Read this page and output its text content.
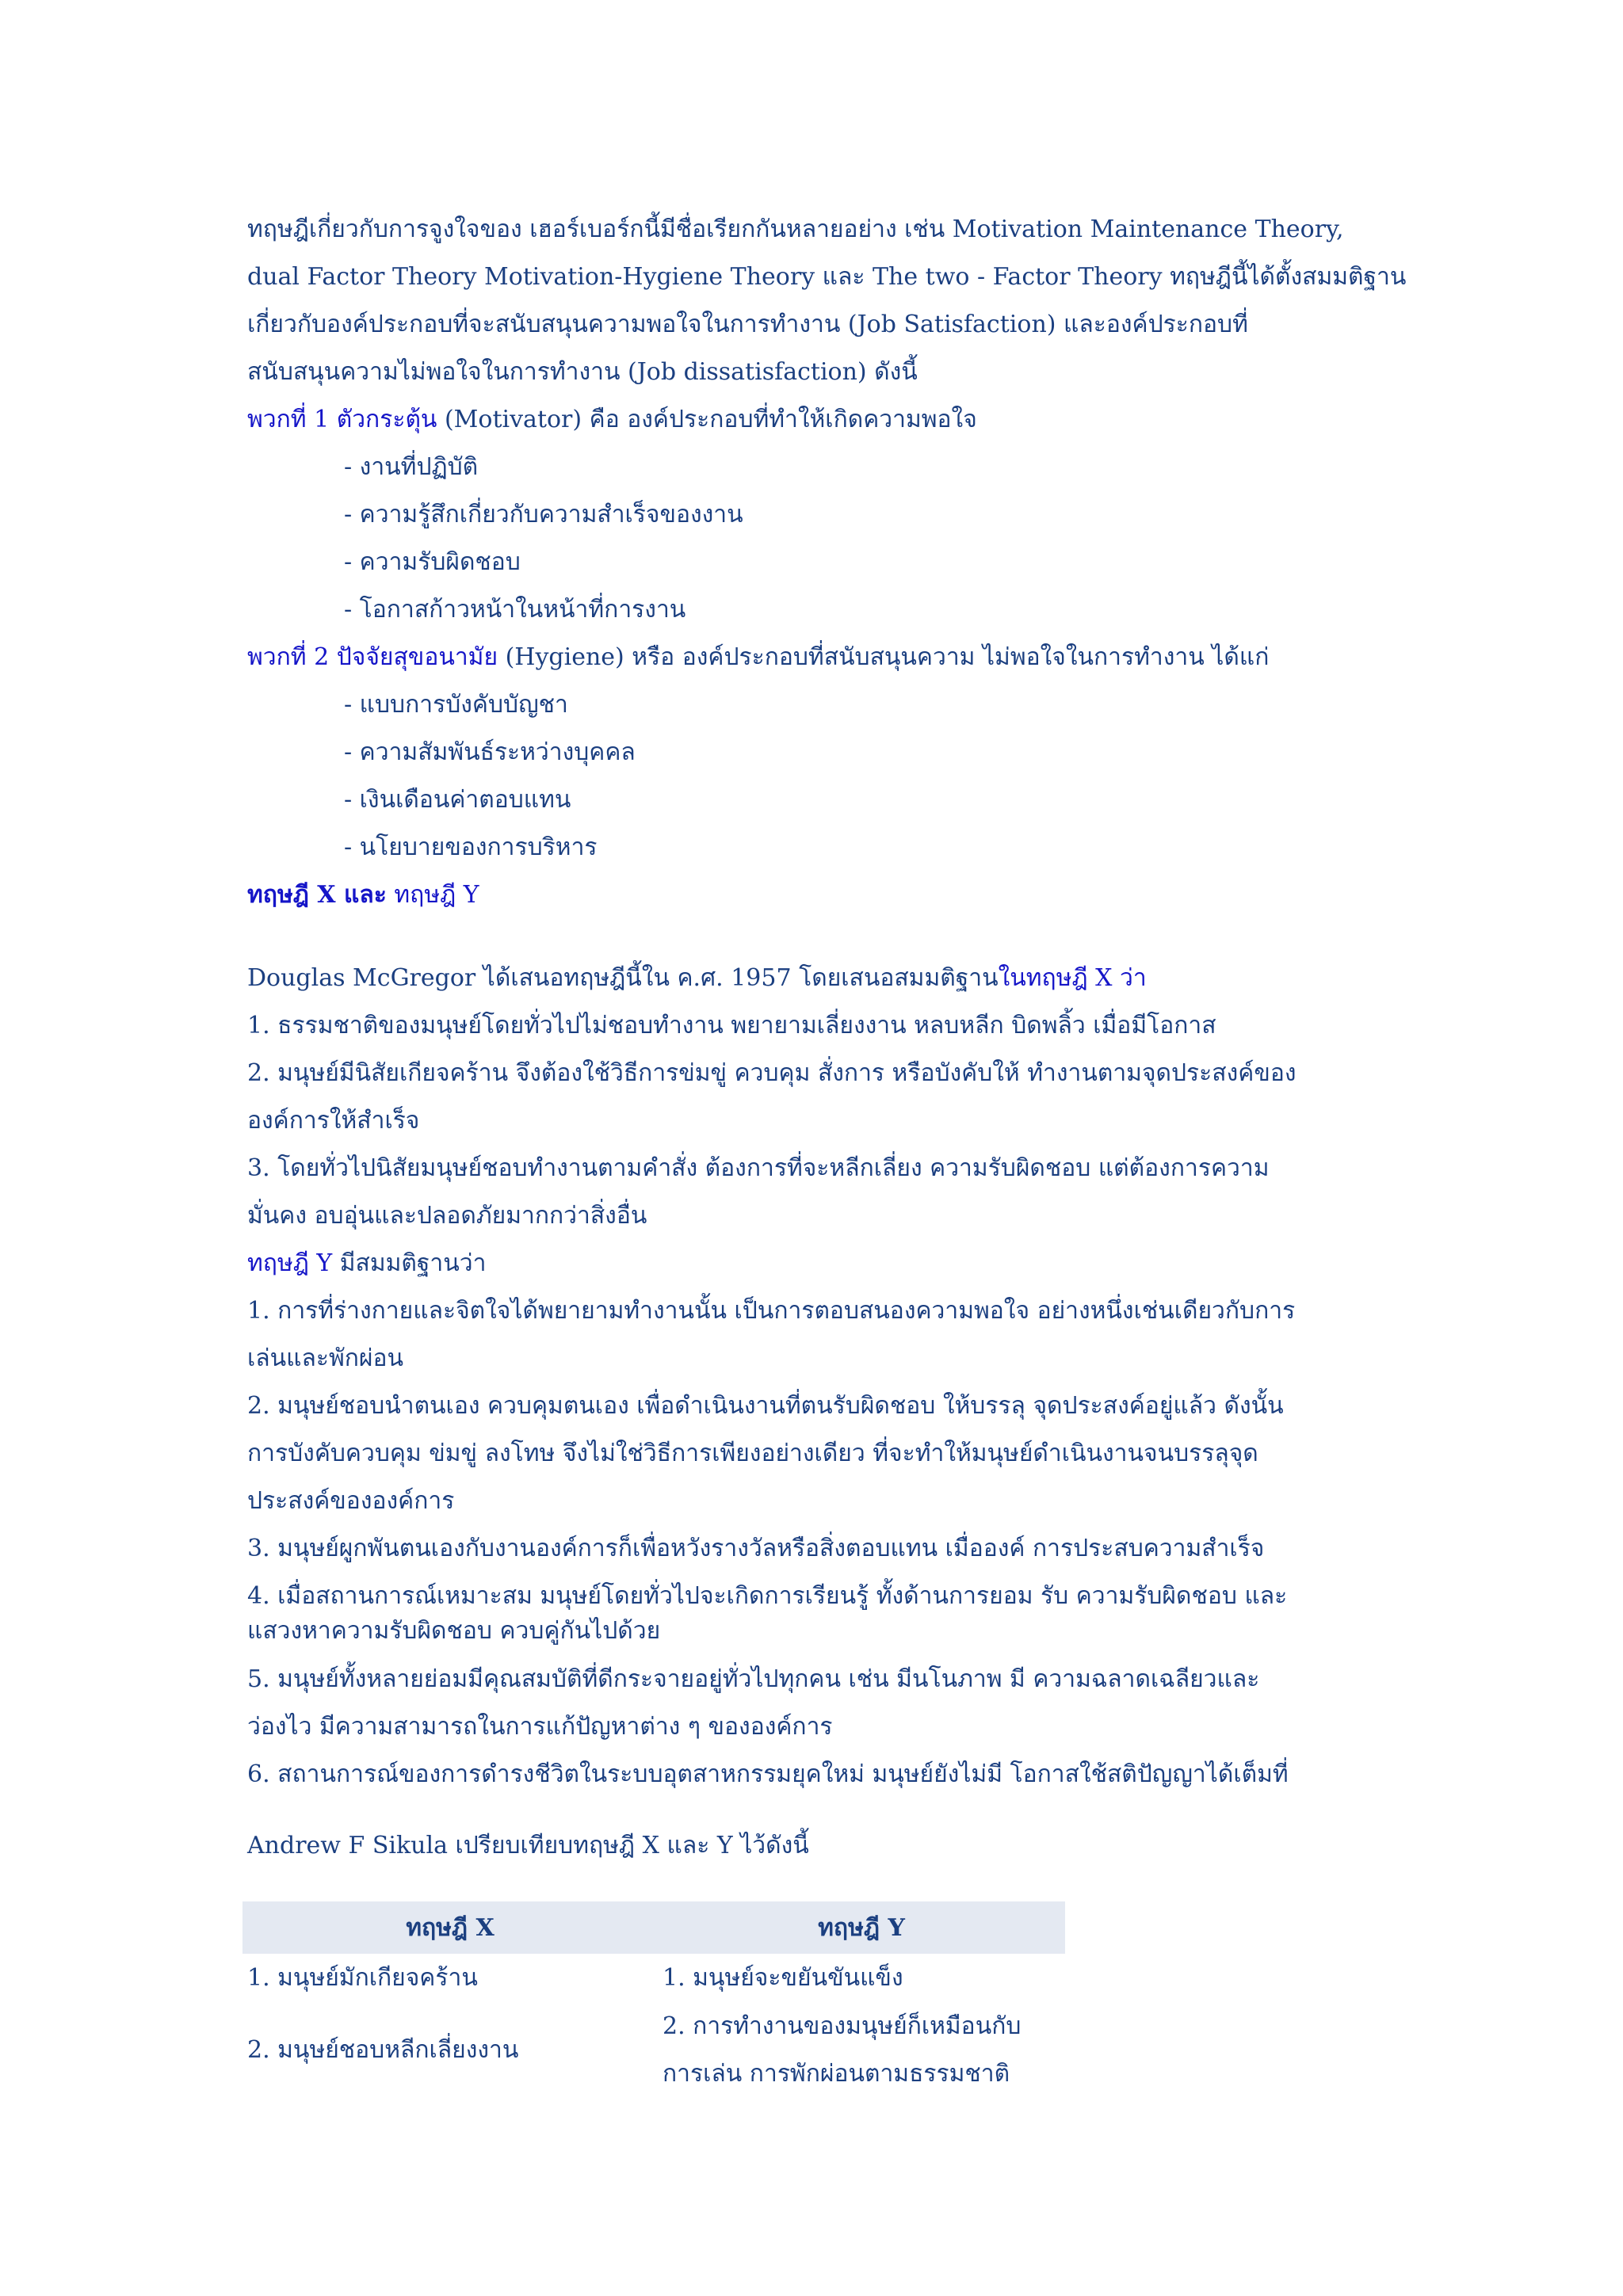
ทฤษฎีเกี่ยวกับการจูงใจของ เฮอร์เบอร์กนี้มีชื่อเรียกกันหลายอย่าง เช่น Motivation Maintenance Theory,
dual Factor Theory Motivation-Hygiene Theory และ The two - Factor Theory ทฤษฎีนี้ได้ตั้งสมมติฐาน
เกี่ยวกับองค์ประกอบที่จะสนับสนุนความพอใจในการทำงาน (Job Satisfaction) และองค์ประกอบที่
สนับสนุนความไม่พอใจในการทำงาน (Job dissatisfaction) ดังนี้

พวกที่ 1 ตัวกระตุ้น (Motivator) คือ องค์ประกอบที่ทำให้เกิดความพอใจ

- งานที่ปฏิบัติ

- ความรู้สึกเกี่ยวกับความสำเร็จของงาน

- ความรับผิดชอบ

- โอกาสก้าวหน้าในหน้าที่การงาน

พวกที่ 2 ปัจจัยสุขอนามัย (Hygiene) หรือ องค์ประกอบที่สนับสนุนความ ไม่พอใจในการทำงาน ได้แก่

- แบบการบังคับบัญชา

- ความสัมพันธ์ระหว่างบุคคล

- เงินเดือนค่าตอบแทน

- นโยบายของการบริหาร

ทฤษฎี X และ ทฤษฎี Y

Douglas McGregor ได้เสนอทฤษฎีนี้ใน ค.ศ. 1957 โดยเสนอสมมติฐานในทฤษฎี X ว่า

1. ธรรมชาติของมนุษย์โดยทั่วไปไม่ชอบทำงาน พยายามเลี่ยงงาน หลบหลีก บิดพลิ้ว เมื่อมีโอกาส

2. มนุษย์มีนิสัยเกียจคร้าน จึงต้องใช้วิธีการข่มขู่ ควบคุม สั่งการ หรือบังคับให้ ทำงานตามจุดประสงค์ของ

องค์การให้สำเร็จ

3. โดยทั่วไปนิสัยมนุษย์ชอบทำงานตามคำสั่ง ต้องการที่จะหลีกเลี่ยง ความรับผิดชอบ แต่ต้องการความ

มั่นคง อบอุ่นและปลอดภัยมากกว่าสิ่งอื่น

ทฤษฎี Y มีสมมติฐานว่า

1. การที่ร่างกายและจิตใจได้พยายามทำงานนั้น เป็นการตอบสนองความพอใจ อย่างหนึ่งเช่นเดียวกับการ

เล่นและพักผ่อน

2. มนุษย์ชอบนำตนเอง ควบคุมตนเอง เพื่อดำเนินงานที่ตนรับผิดชอบ ให้บรรลุ จุดประสงค์อยู่แล้ว ดังนั้น

การบังคับควบคุม ข่มขู่ ลงโทษ จึงไม่ใช่วิธีการเพียงอย่างเดียว ที่จะทำให้มนุษย์ดำเนินงานจนบรรลุจุด

ประสงค์ขององค์การ

3. มนุษย์ผูกพันตนเองกับงานองค์การก็เพื่อหวังรางวัลหรือสิ่งตอบแทน เมื่อองค์ การประสบความสำเร็จ

4. เมื่อสถานการณ์เหมาะสม มนุษย์โดยทั่วไปจะเกิดการเรียนรู้ ทั้งด้านการยอม รับ ความรับผิดชอบ และ

แสวงหาความรับผิดชอบ ควบคู่กันไปด้วย

5. มนุษย์ทั้งหลายย่อมมีคุณสมบัติที่ดีกระจายอยู่ทั่วไปทุกคน เช่น มีนโนภาพ มี ความฉลาดเฉลียวและ

ว่องไว มีความสามารถในการแก้ปัญหาต่าง ๆ ขององค์การ

6. สถานการณ์ของการดำรงชีวิตในระบบอุตสาหกรรมยุคใหม่ มนุษย์ยังไม่มี โอกาสใช้สติปัญญาได้เต็มที่

Andrew F Sikula เปรียบเทียบทฤษฎี X และ Y ไว้ดังนี้

ทฤษฎี X	ทฤษฎี Y
1. มนุษย์มักเกียจคร้าน	1. มนุษย์จะขยันขันแข็ง
2. มนุษย์ชอบหลีกเลี่ยงงาน	2. การทำงานของมนุษย์ก็เหมือนกับ
การเล่น การพักผ่อนตามธรรมชาติ
